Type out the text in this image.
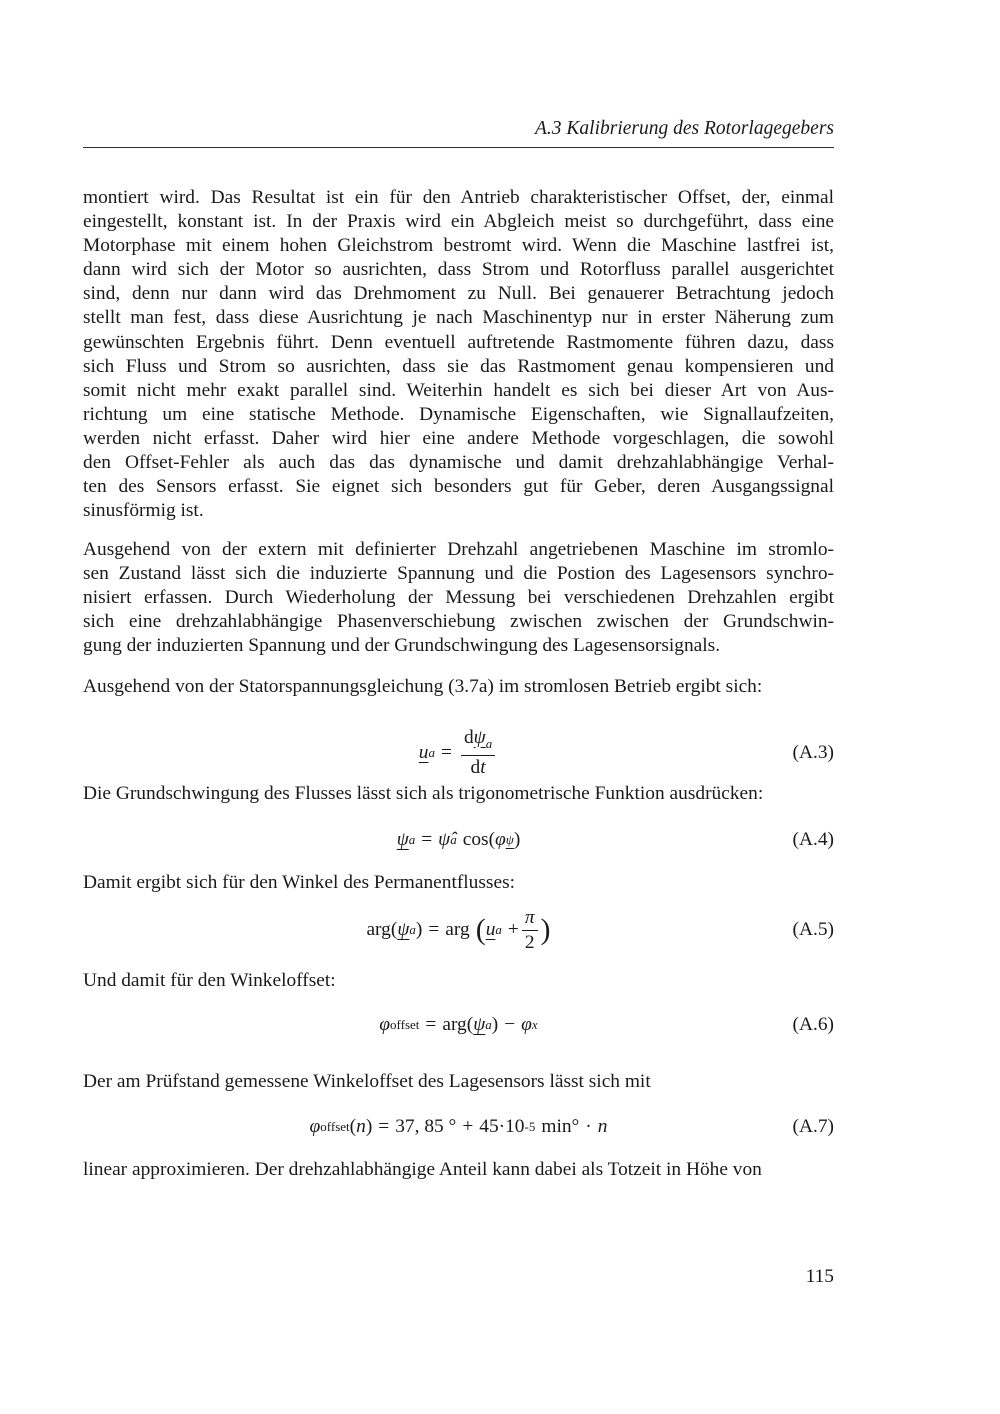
A.3 Kalibrierung des Rotorlagegebers
montiert wird. Das Resultat ist ein für den Antrieb charakteristischer Offset, der, einmal
eingestellt, konstant ist. In der Praxis wird ein Abgleich meist so durchgeführt, dass eine
Motorphase mit einem hohen Gleichstrom bestromt wird. Wenn die Maschine lastfrei ist,
dann wird sich der Motor so ausrichten, dass Strom und Rotorfluss parallel ausgerichtet
sind, denn nur dann wird das Drehmoment zu Null. Bei genauerer Betrachtung jedoch
stellt man fest, dass diese Ausrichtung je nach Maschinentyp nur in erster Näherung zum
gewünschten Ergebnis führt. Denn eventuell auftretende Rastmomente führen dazu, dass
sich Fluss und Strom so ausrichten, dass sie das Rastmoment genau kompensieren und
somit nicht mehr exakt parallel sind. Weiterhin handelt es sich bei dieser Art von Aus-
richtung um eine statische Methode. Dynamische Eigenschaften, wie Signallaufzeiten,
werden nicht erfasst. Daher wird hier eine andere Methode vorgeschlagen, die sowohl
den Offset-Fehler als auch das das dynamische und damit drehzahlabhängige Verhal-
ten des Sensors erfasst. Sie eignet sich besonders gut für Geber, deren Ausgangssignal
sinusförmig ist.
Ausgehend von der extern mit definierter Drehzahl angetriebenen Maschine im stromlo-
sen Zustand lässt sich die induzierte Spannung und die Postion des Lagesensors synchro-
nisiert erfassen. Durch Wiederholung der Messung bei verschiedenen Drehzahlen ergibt
sich eine drehzahlabhängige Phasenverschiebung zwischen zwischen der Grundschwin-
gung der induzierten Spannung und der Grundschwingung des Lagesensorsignals.
Ausgehend von der Statorspannungsgleichung (3.7a) im stromlosen Betrieb ergibt sich:
u $a = \frac{d\psi_a}{dt}$	(A.3)
Die Grundschwingung des Flusses lässt sich als trigonometrische Funktion ausdrücken:
ψ a = ψ̂ a cos( φ ψ )	(A.4)
Damit ergibt sich für den Winkel des Permanentflusses:
arg( ψ a )
=
arg ( u $a + \frac{\pi}{2}$ )	(A.5)
Und damit für den Winkeloffset:
φ offset =
arg( ψ a ) − φ x	(A.6)
Der am Prüfstand gemessene Winkeloffset des Lagesensors lässt sich mit
φ offset ( n )
= 37, 85 ° + 45·10 -5 min° · n	(A.7)
linear approximieren. Der drehzahlabhängige Anteil kann dabei als Totzeit in Höhe von
115
